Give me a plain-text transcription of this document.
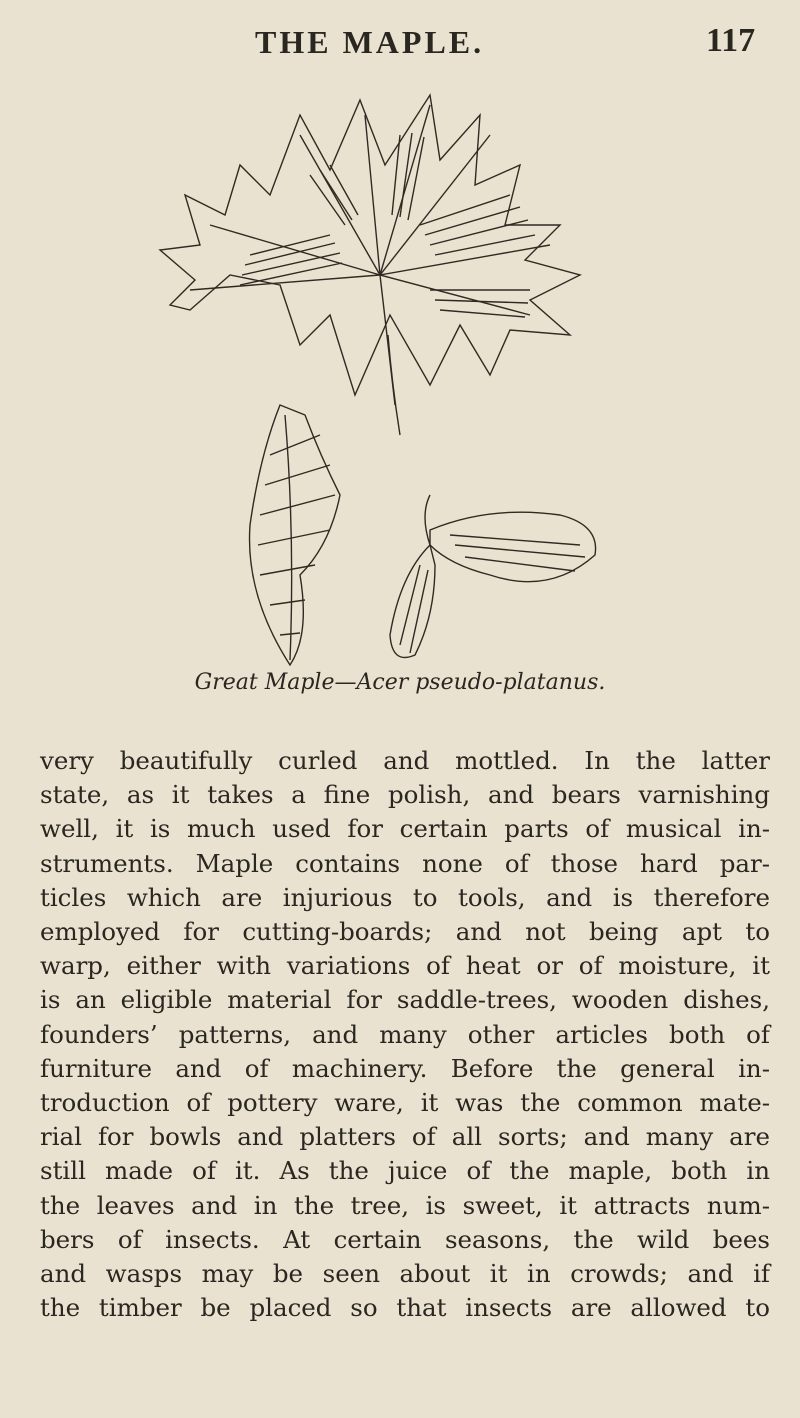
THE MAPLE.	117
Great Maple—Acer pseudo-platanus.
very beautifully curled and mottled. In the latter
state, as it takes a fine polish, and bears varnishing
well, it is much used for certain parts of musical in-
struments. Maple contains none of those hard par-
ticles which are injurious to tools, and is therefore
employed for cutting-boards; and not being apt to
warp, either with variations of heat or of moisture, it
is an eligible material for saddle-trees, wooden dishes,
founders’ patterns, and many other articles both of
furniture and of machinery. Before the general in-
troduction of pottery ware, it was the common mate-
rial for bowls and platters of all sorts; and many are
still made of it. As the juice of the maple, both in
the leaves and in the tree, is sweet, it attracts num-
bers of insects. At certain seasons, the wild bees
and wasps may be seen about it in crowds; and if
the timber be placed so that insects are allowed to
